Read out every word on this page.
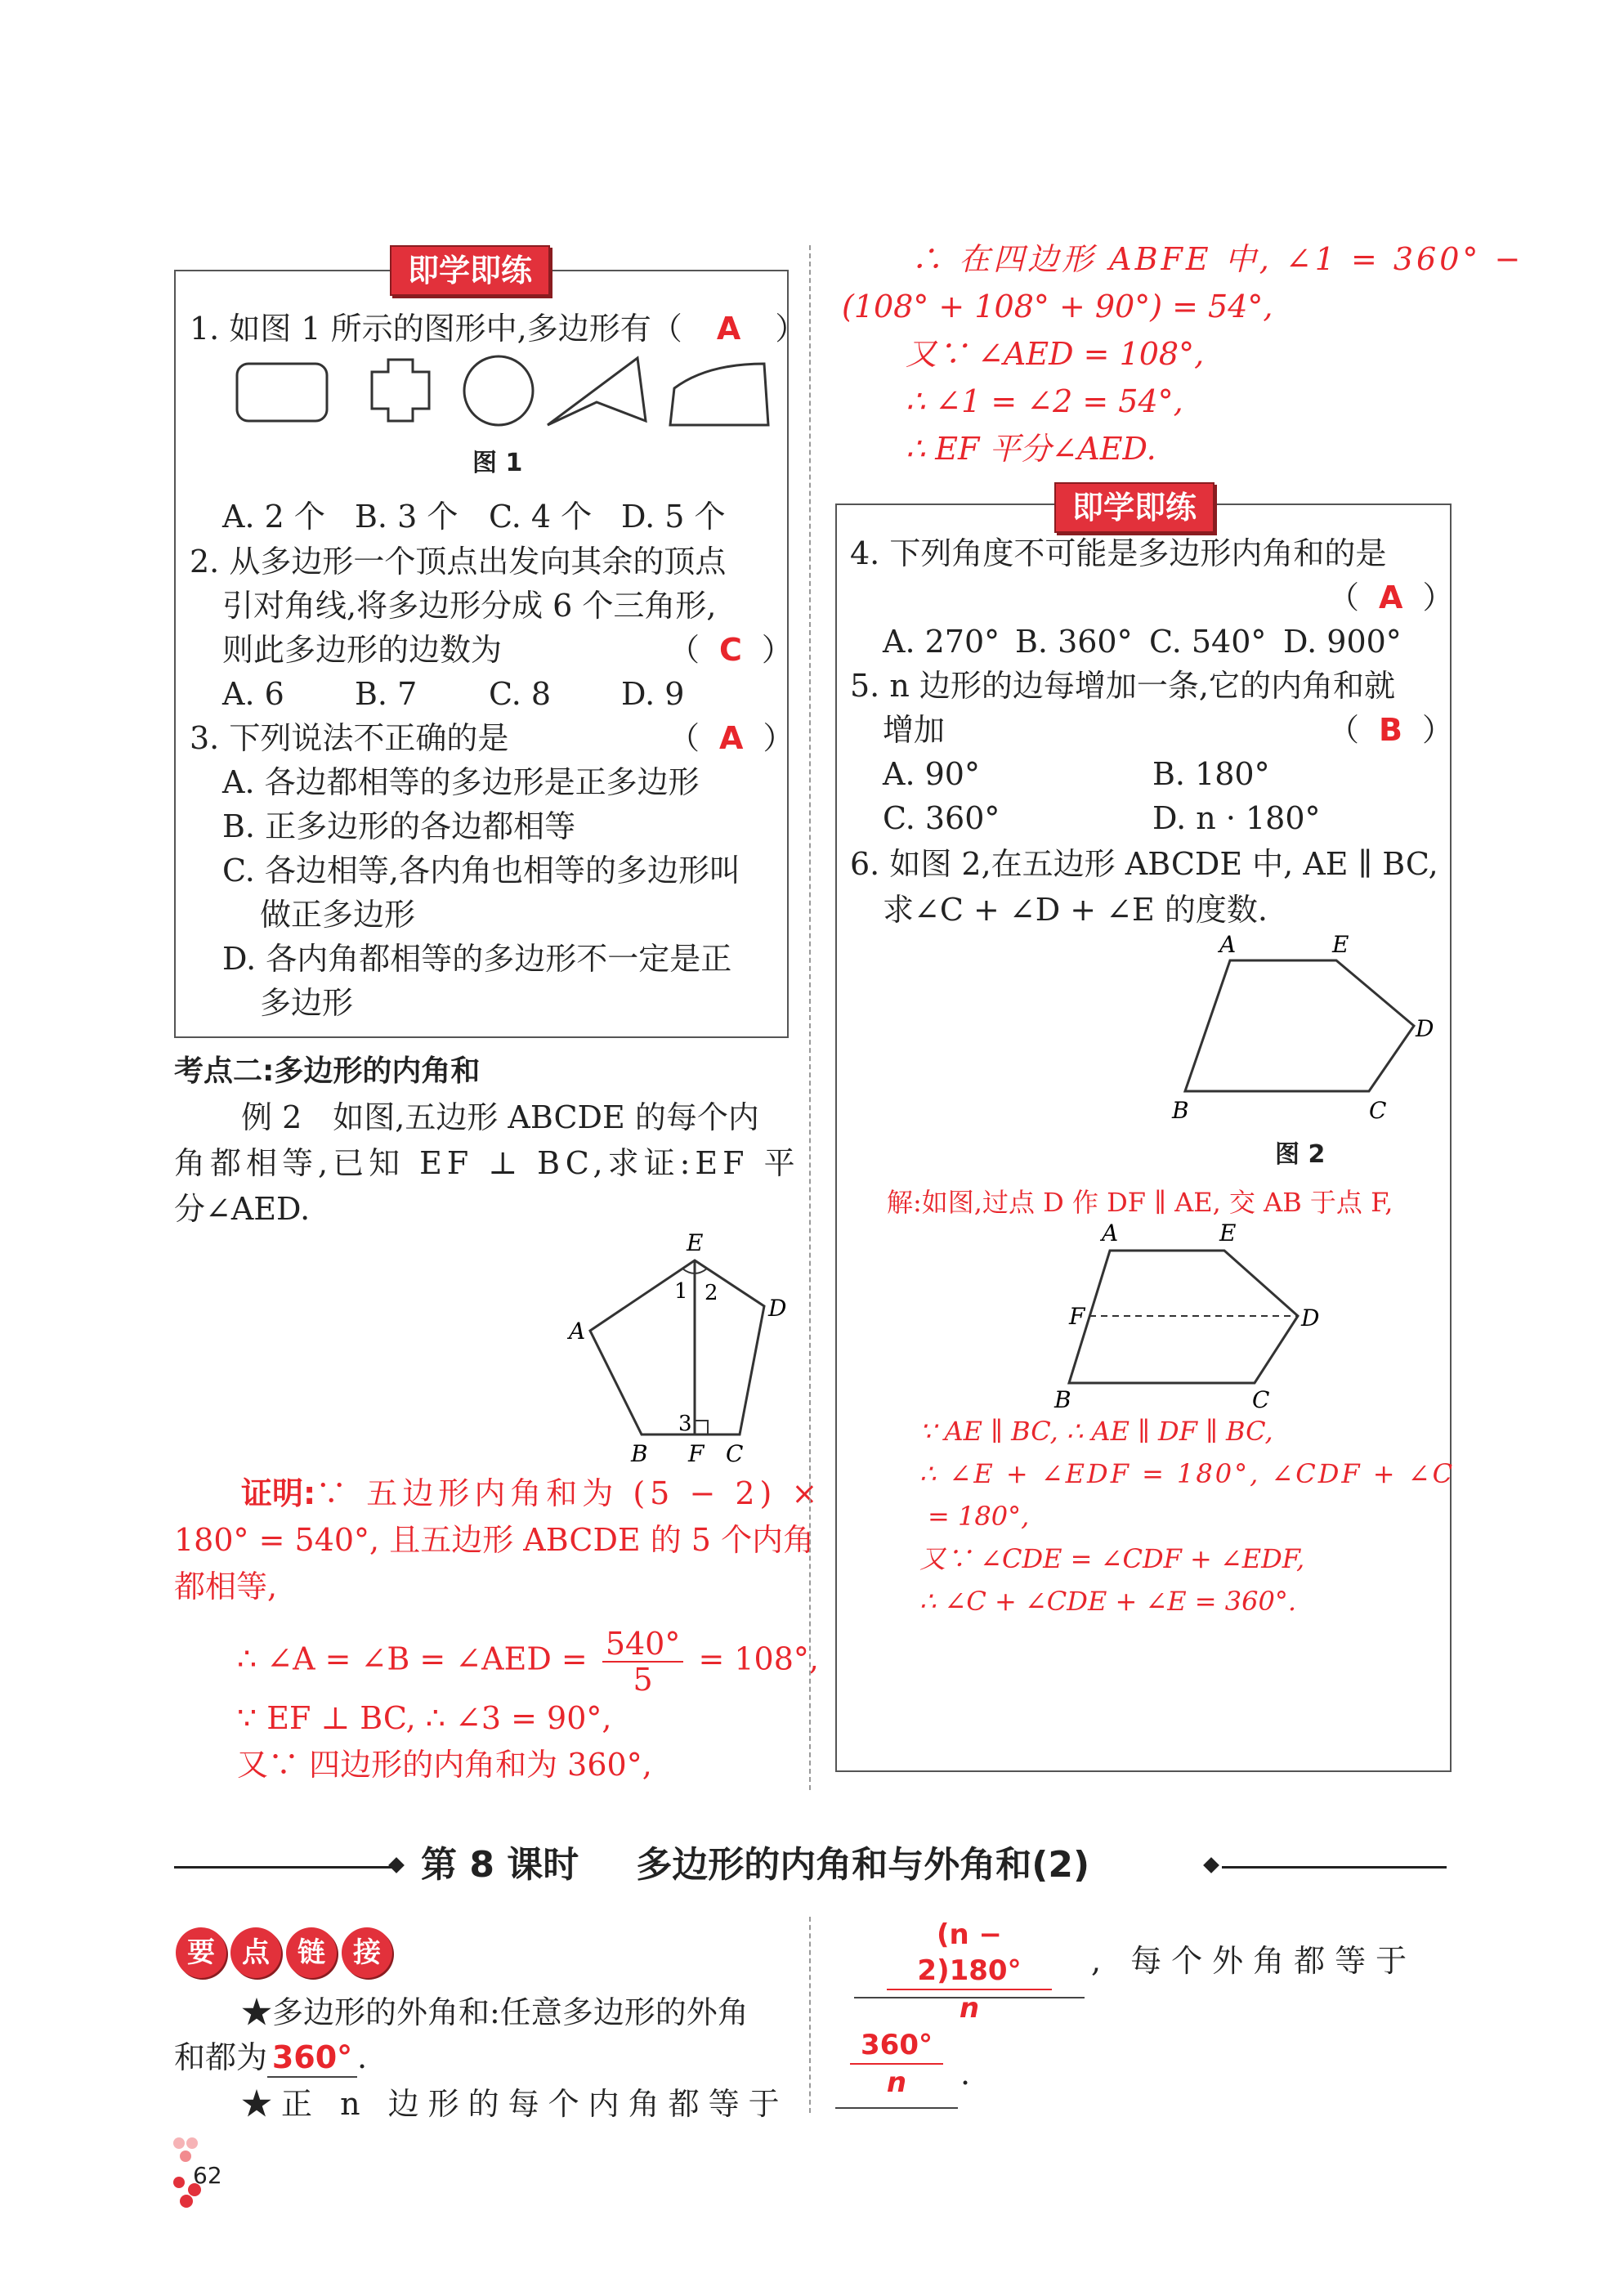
即学即练
1. 如图 1 所示的图形中,多边形有（ A ）
图 1
A. 2 个 B. 3 个 C. 4 个 D. 5 个
2. 从多边形一个顶点出发向其余的顶点
引对角线,将多边形分成 6 个三角形,
则此多边形的边数为	（ C ）
A. 6 B. 7 C. 8 D. 9
3. 下列说法不正确的是	（ A ）
A. 各边都相等的多边形是正多边形
B. 正多边形的各边都相等
C. 各边相等,各内角也相等的多边形叫
做正多边形
D. 各内角都相等的多边形不一定是正
多边形
考点二:多边形的内角和
例 2　如图,五边形 ABCDE 的每个内
角都相等,已知 EF ⊥ BC,求证:EF 平
分∠AED.
E
D
A
B F C
1 2
3
证明:∵ 五边形内角和为 (5 − 2) ×
180° = 540°, 且五边形 ABCDE 的 5 个内角
都相等,
∴ ∠A = ∠B = ∠AED = $\frac{540^\circ}{5} = 108^\circ$,
∵ EF ⊥ BC, ∴ ∠3 = 90°,
又∵ 四边形的内角和为 360°,
∴ 在四边形 ABFE 中, ∠1 = 360° −
(108° + 108° + 90°) = 54°,
又∵ ∠AED = 108°,
∴ ∠1 = ∠2 = 54°,
∴ EF 平分∠AED.
即学即练
4. 下列角度不可能是多边形内角和的是
（ A ）
A. 270° B. 360° C. 540° D. 900°
5. n 边形的边每增加一条,它的内角和就
增加	（ B ）
A. 90°	B. 180°
C. 360°	D. n · 180°
6. 如图 2,在五边形 ABCDE 中, AE ∥ BC,
求∠C + ∠D + ∠E 的度数.
A	E
D
B	C
图 2
解:如图,过点 D 作 DF ∥ AE, 交 AB 于点 F,
A	E
D
F
B	C
∵ AE ∥ BC, ∴ AE ∥ DF ∥ BC,
∴ ∠E + ∠EDF = 180°, ∠CDF + ∠C
= 180°,
又∵ ∠CDE = ∠CDF + ∠EDF,
∴ ∠C + ∠CDE + ∠E = 360°.
第 8 课时 多边形的内角和与外角和(2)
要 点	链	接
★多边形的外角和:任意多边形的外角
和都为 360° .
★正 n 边形的每个内角都等于
(n − 2)180°
n
, 每个外角都等于
360°
n	.
62
